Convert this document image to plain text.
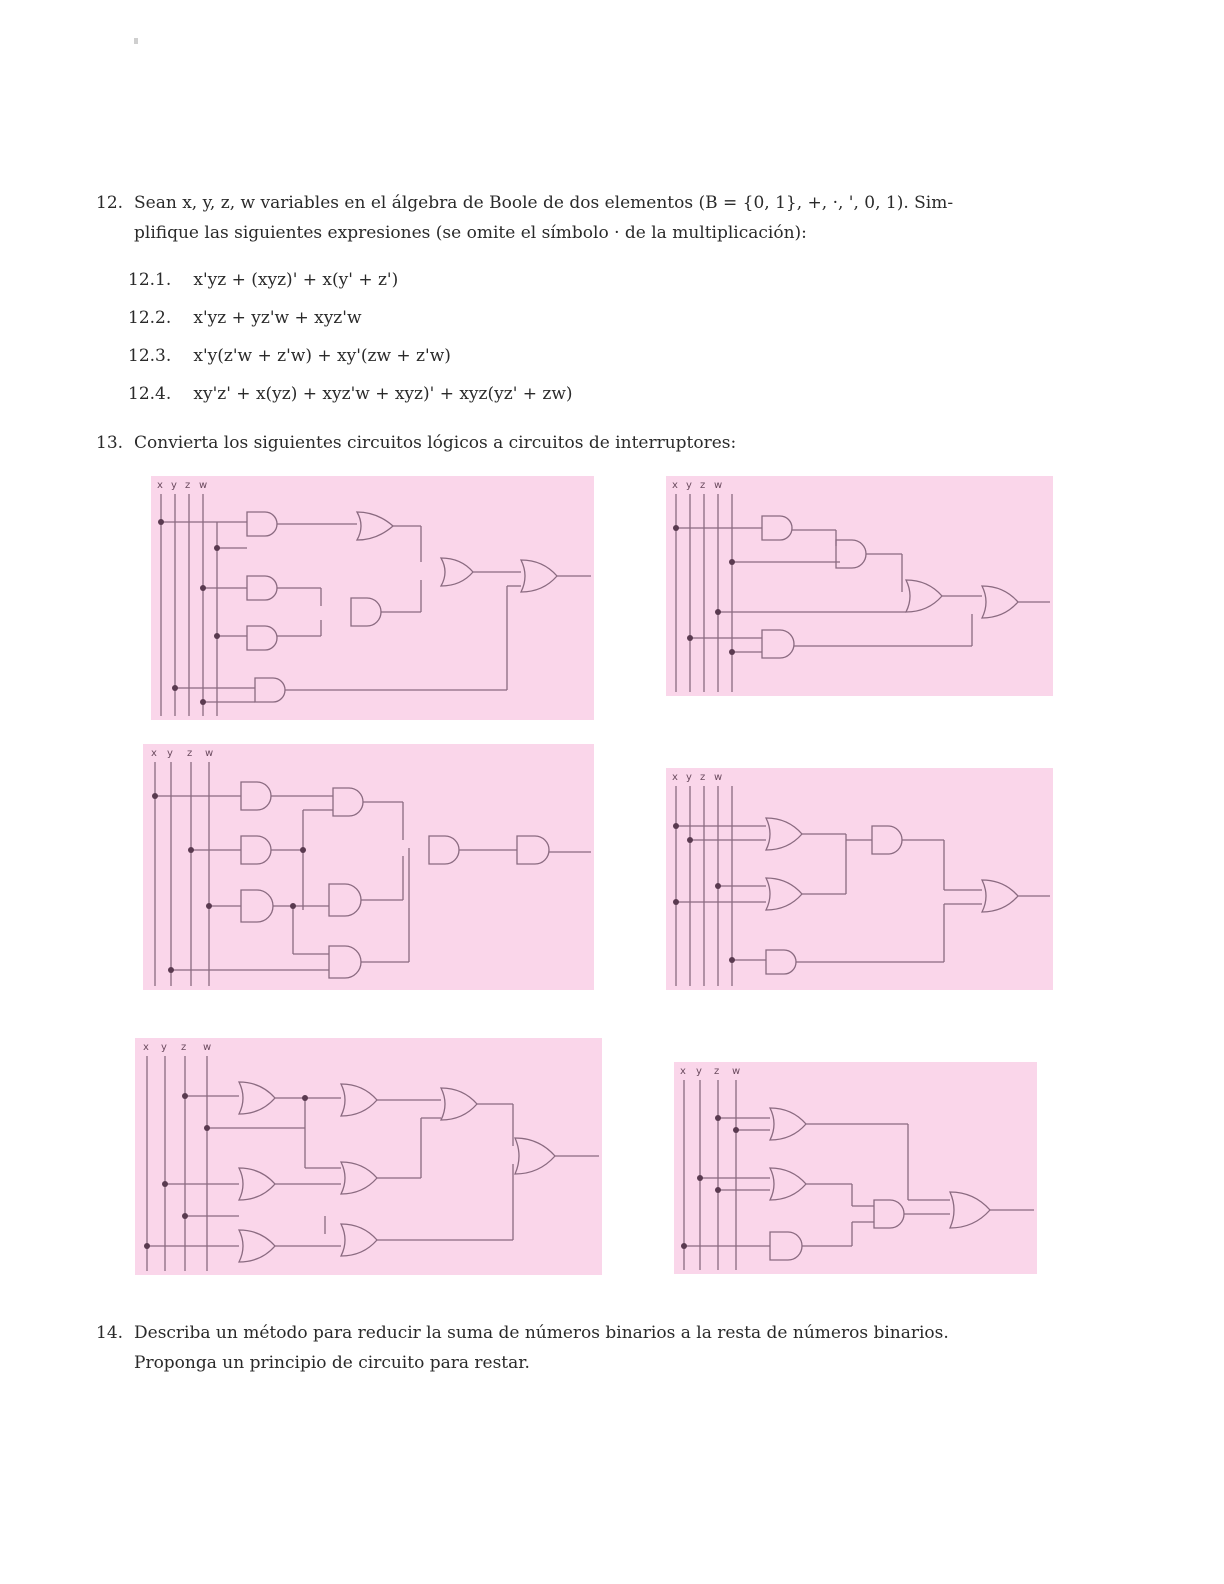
12. Sean x, y, z, w variables en el álgebra de Boole de dos elementos (B = {0, 1}, +, ·, ', 0, 1). Sim-
plifique las siguientes expresiones (se omite el símbolo · de la multiplicación):
12.1. x'yz + (xyz)' + x(y' + z')
12.2. x'yz + yz'w + xyz'w
12.3. x'y(z'w + z'w) + xy'(zw + z'w)
12.4. xy'z' + x(yz) + xyz'w + xyz)' + xyz(yz' + zw)
13. Convierta los siguientes circuitos lógicos a circuitos de interruptores:
x y z w	x y z w
x y z w
x y z w
x y z w
x y z w
14. Describa un método para reducir la suma de números binarios a la resta de números binarios.
Proponga un principio de circuito para restar.
